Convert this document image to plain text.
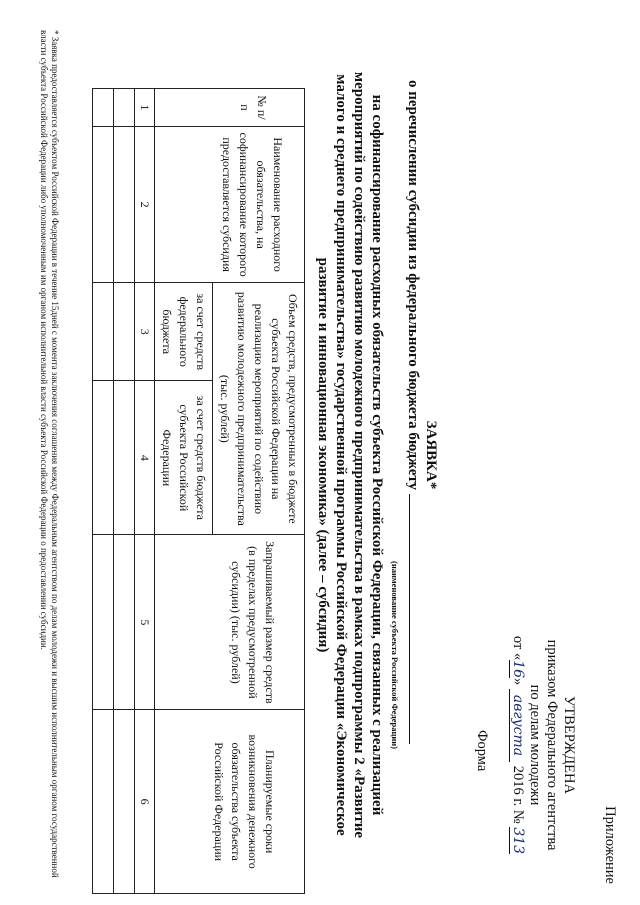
Приложение
УТВЕРЖДЕНА
приказом Федерального агентства
по делам молодежи
от «16» августа 2016 г. № 313
Форма
ЗАЯВКА*
о перечислении субсидии из федерального бюджета бюджету
(наименование субъекта Российской Федерации)
на софинансирование расходных обязательств субъекта Российской Федерации, связанных с реализацией
мероприятий по содействию развитию молодежного предпринимательства в рамках подпрограммы 2 «Развитие
малого и среднего предпринимательства» государственной программы Российской Федерации «Экономическое
развитие и инновационная экономика» (далее – субсидия)
№ п/п	Наименование расходного обязательства, на софинансирование которого предоставляется субсидия	Объем средств, предусмотренных в бюджете субъекта Российской Федерации на реализацию мероприятий по содействию развитию молодежного предпринимательства (тыс. рублей)		Запрашиваемый размер средств (в пределах предусмотренной субсидии) (тыс. рублей)	Планируемые сроки возникновения денежного обязательства субъекта Российской Федерации
		за счет средств федерального бюджета	за счет средств бюджета субъекта Российской Федерации		
1	2	3	4	5	6

* Заявка предоставляется субъектом Российской Федерации в течение 15дней с момента заключения соглашения между Федеральным агентством по делам молодежи и высшим исполнительным органом государственной власти субъекта Российской Федерации либо уполномоченным им органом исполнительной власти субъекта Российской Федерации о предоставлении субсидии.
